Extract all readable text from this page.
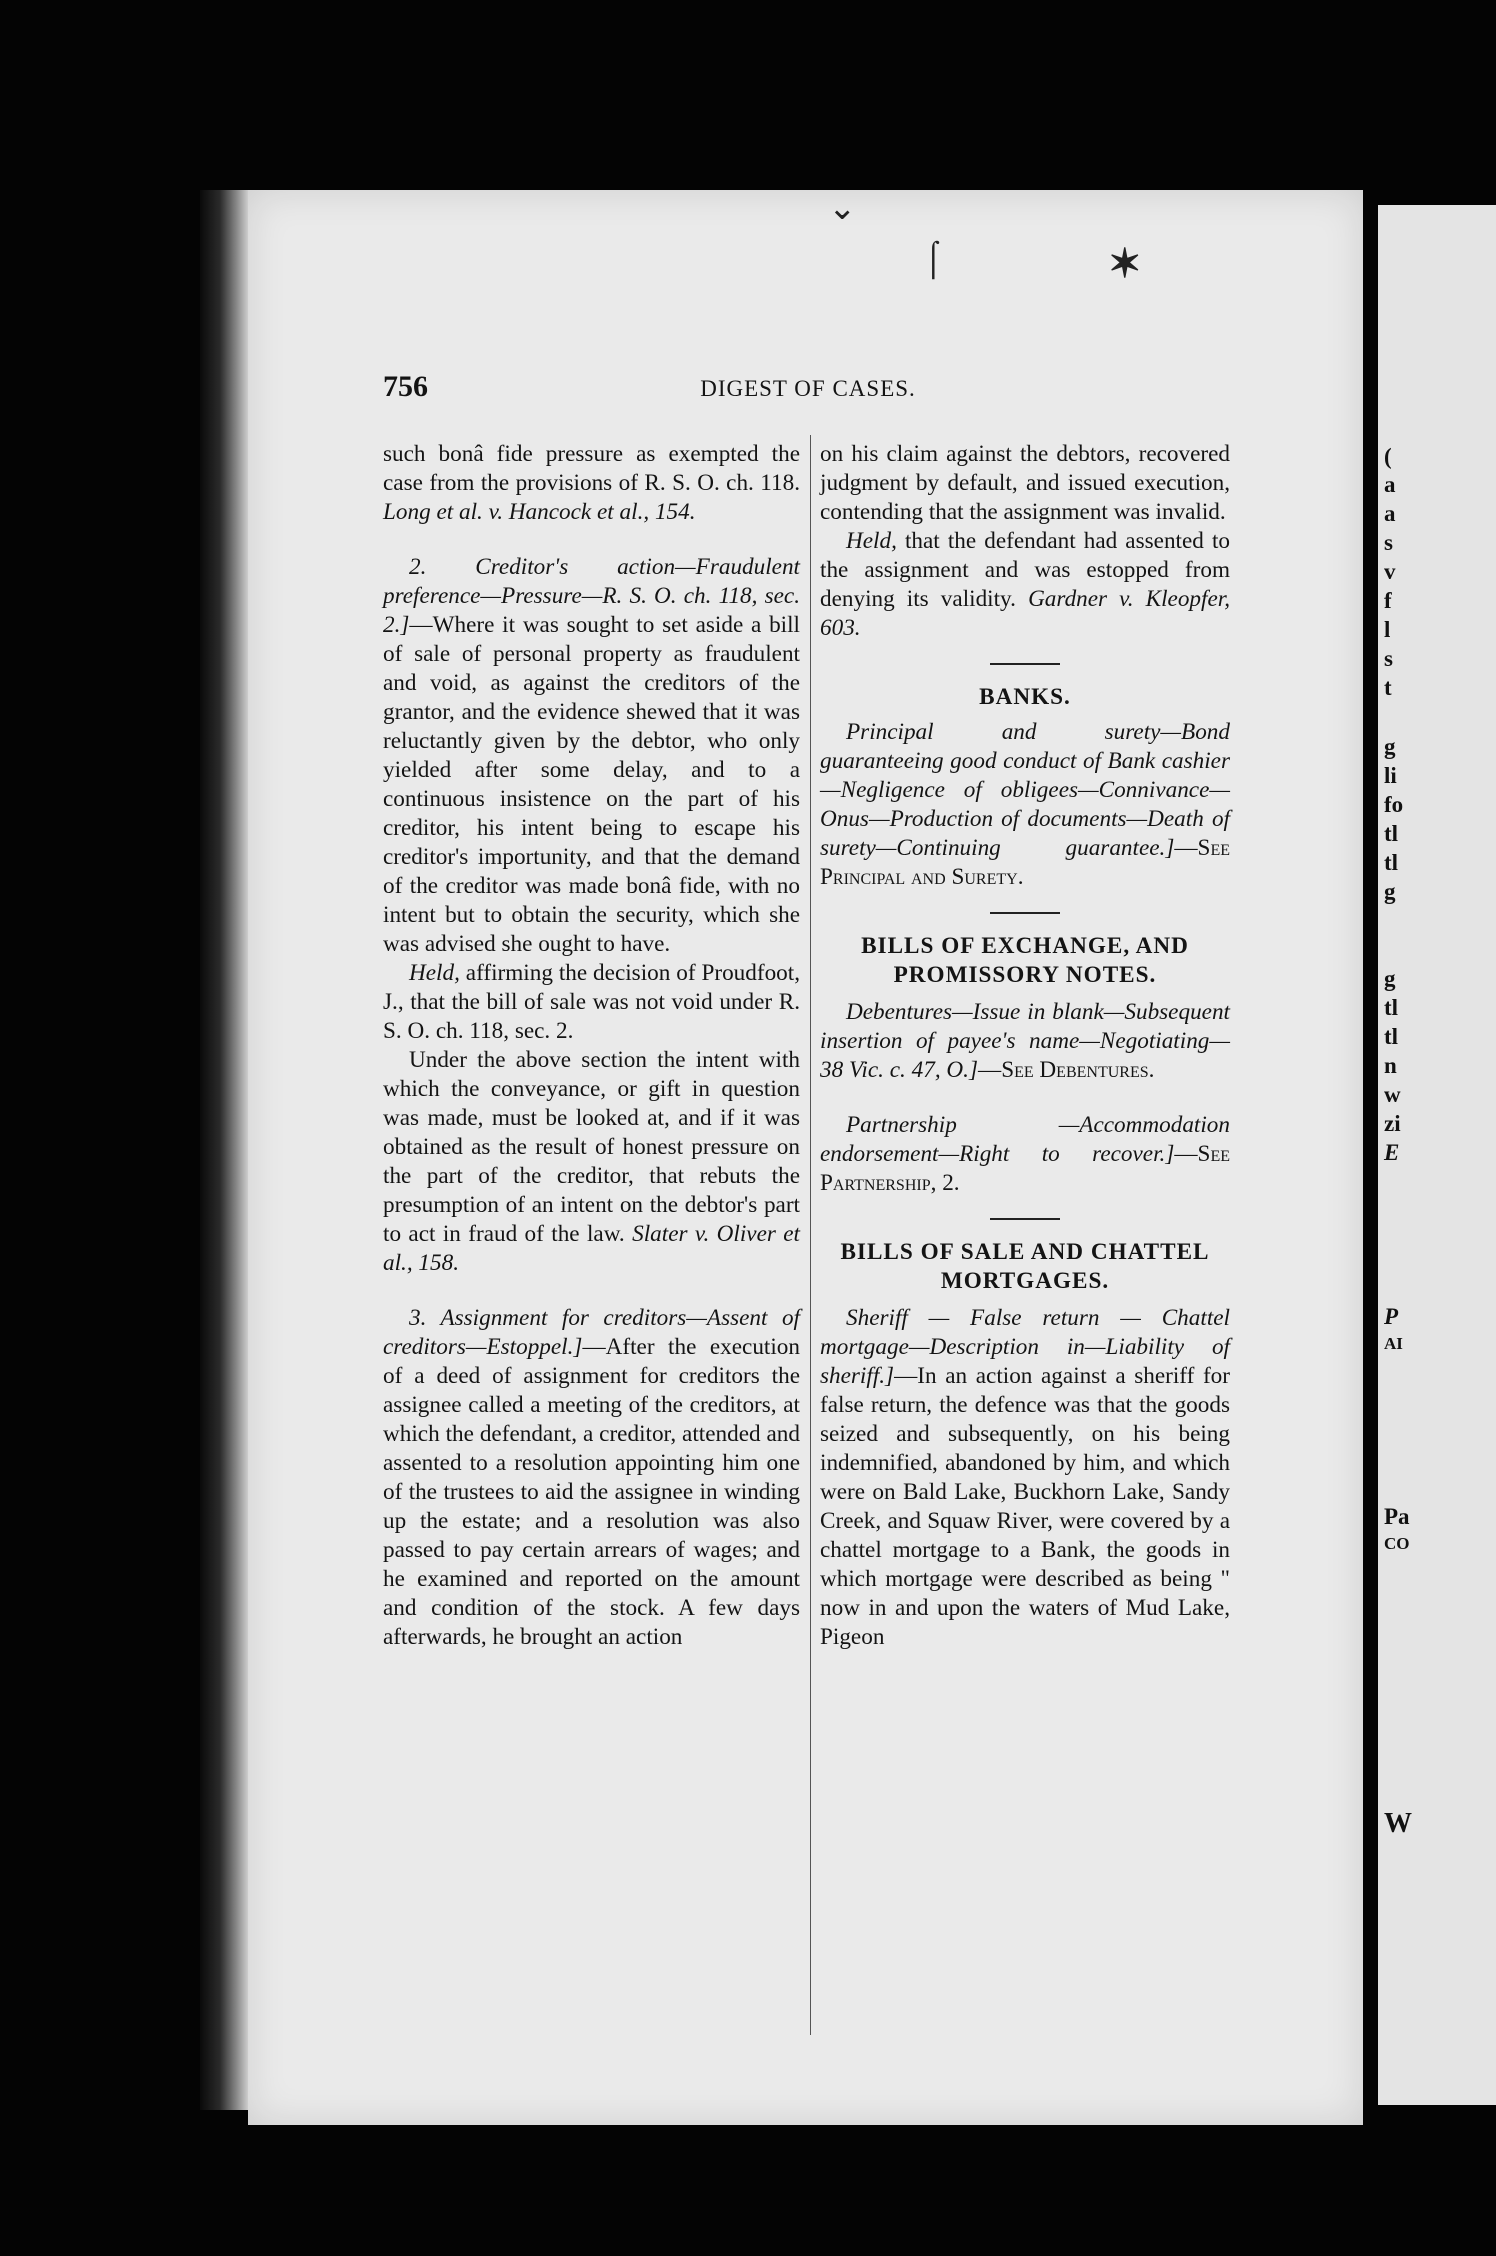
⌄
⌠	✶
756	DIGEST OF CASES.

such bonâ fide pressure as exempted the case from the provisions of R. S. O. ch. 118. Long et al. v. Hancock et al., 154.

2. Creditor's action—Fraudulent preference—Pressure—R. S. O. ch. 118, sec. 2.]—Where it was sought to set aside a bill of sale of personal property as fraudulent and void, as against the creditors of the grantor, and the evidence shewed that it was reluctantly given by the debtor, who only yielded after some delay, and to a continuous insistence on the part of his creditor, his intent being to escape his creditor's importunity, and that the demand of the creditor was made bonâ fide, with no intent but to obtain the security, which she was advised she ought to have.

Held, affirming the decision of Proudfoot, J., that the bill of sale was not void under R. S. O. ch. 118, sec. 2.

Under the above section the intent with which the conveyance, or gift in question was made, must be looked at, and if it was obtained as the result of honest pressure on the part of the creditor, that rebuts the presumption of an intent on the debtor's part to act in fraud of the law. Slater v. Oliver et al., 158.

3. Assignment for creditors—Assent of creditors—Estoppel.]—After the execution of a deed of assignment for creditors the assignee called a meeting of the creditors, at which the defendant, a creditor, attended and assented to a resolution appointing him one of the trustees to aid the assignee in winding up the estate; and a resolution was also passed to pay certain arrears of wages; and he examined and reported on the amount and condition of the stock. A few days afterwards, he brought an action

on his claim against the debtors, recovered judgment by default, and issued execution, contending that the assignment was invalid.

Held, that the defendant had assented to the assignment and was estopped from denying its validity. Gardner v. Kleopfer, 603.

BANKS.

Principal and surety—Bond guaranteeing good conduct of Bank cashier—Negligence of obligees—Connivance—Onus—Production of documents—Death of surety—Continuing guarantee.]—See Principal and Surety.

BILLS OF EXCHANGE, AND PROMISSORY NOTES.

Debentures—Issue in blank—Subsequent insertion of payee's name—Negotiating—38 Vic. c. 47, O.]—See Debentures.

Partnership —Accommodation endorsement—Right to recover.]—See Partnership, 2.

BILLS OF SALE AND CHATTEL MORTGAGES.

Sheriff — False return — Chattel mortgage—Description in—Liability of sheriff.]—In an action against a sheriff for false return, the defence was that the goods seized and subsequently, on his being indemnified, abandoned by him, and which were on Bald Lake, Buckhorn Lake, Sandy Creek, and Squaw River, were covered by a chattel mortgage to a Bank, the goods in which mortgage were described as being " now in and upon the waters of Mud Lake, Pigeon

(
a
a
s
v
f
l
s
t
g
li
fo
tl
tl
g
g
tl
tl
n
w
zi
E
P
AI
Pa
CO
W
